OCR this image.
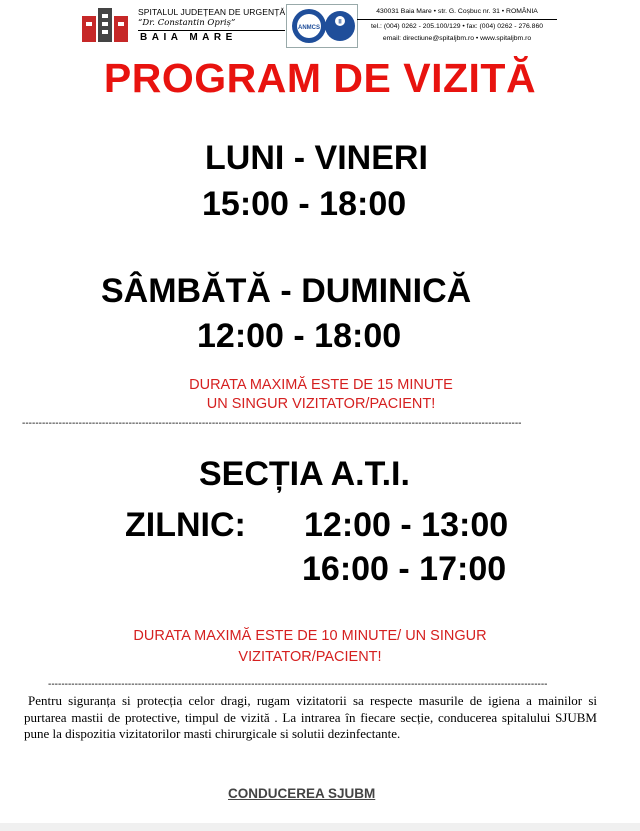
SPITALUL JUDEȚEAN DE URGENȚĂ
“Dr. Constantin Opriș”
BAIA MARE
ANMCS
II
430031 Baia Mare • str. G. Coșbuc nr. 31 • ROMÂNIA
tel.: (004) 0262 - 205.100/129 • fax: (004) 0262 - 276.860
email: directiune@spitaljbm.ro • www.spitaljbm.ro
PROGRAM DE VIZITĂ
LUNI - VINERI
15:00 - 18:00
SÂMBĂTĂ - DUMINICĂ
12:00 - 18:00
DURATA MAXIMĂ ESTE DE 15 MINUTE
UN SINGUR VIZITATOR/PACIENT!
------------------------------------------------------------------------------------------------------------------------------------------------------
SECȚIA A.T.I.
ZILNIC: 12:00 - 13:00
16:00 - 17:00
DURATA MAXIMĂ ESTE DE 10 MINUTE/ UN SINGUR
VIZITATOR/PACIENT!
------------------------------------------------------------------------------------------------------------------------------------------------------
Pentru siguranța si protecția celor dragi, rugam vizitatorii sa respecte masurile de igiena a mainilor si purtarea mastii de protective, timpul de vizită . La intrarea în fiecare secție, conducerea spitalului SJUBM pune la dispozitia vizitatorilor masti chirurgicale si solutii dezinfectante.
CONDUCEREA SJUBM
